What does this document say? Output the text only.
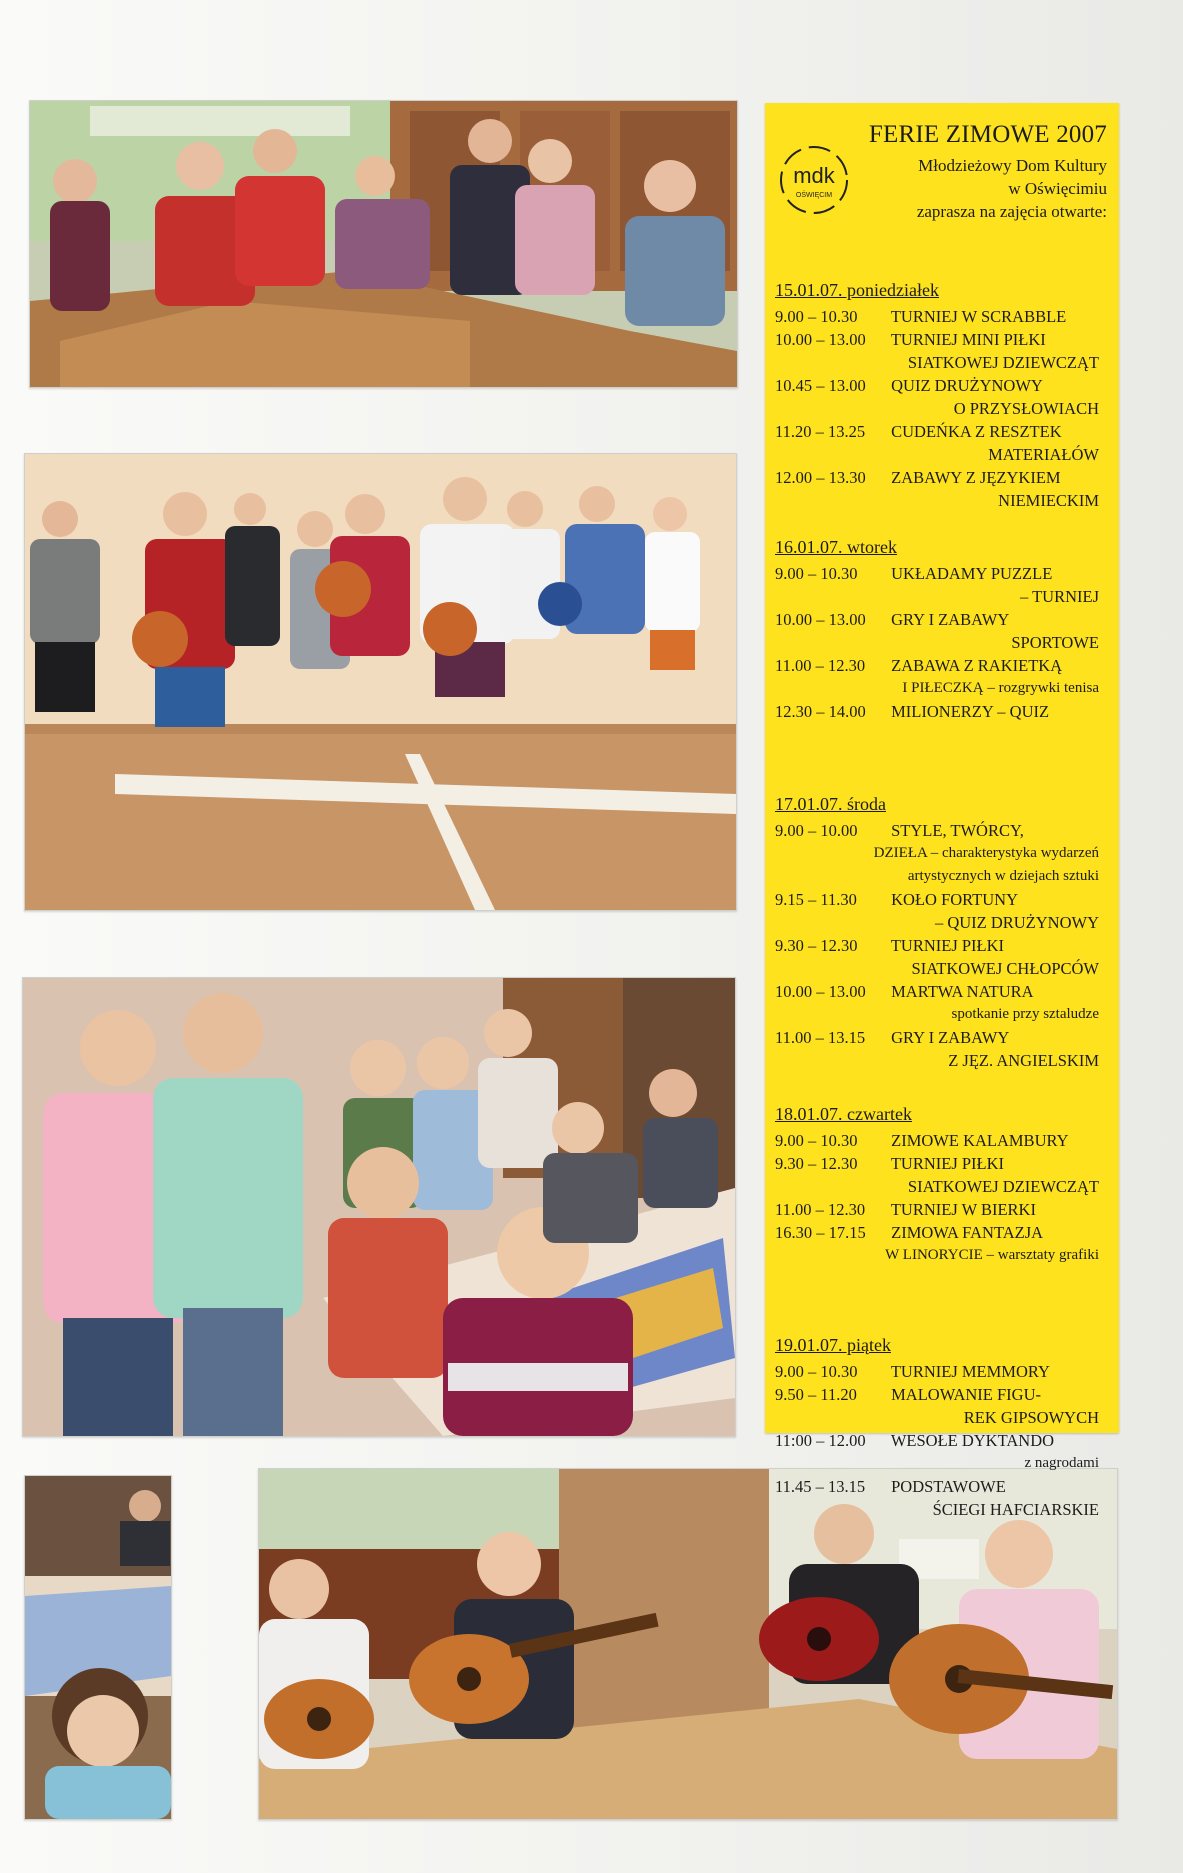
mdk
OŚWIĘCIM
FERIE ZIMOWE 2007
Młodzieżowy Dom Kultury
w Oświęcimiu
zaprasza na zajęcia otwarte:
15.01.07. poniedziałek
9.00 – 10.30 TURNIEJ W SCRABBLE
10.00 – 13.00 TURNIEJ MINI PIŁKI
SIATKOWEJ DZIEWCZĄT
10.45 – 13.00 QUIZ DRUŻYNOWY
O PRZYSŁOWIACH
11.20 – 13.25 CUDEŃKA Z RESZTEK
MATERIAŁÓW
12.00 – 13.30 ZABAWY Z JĘZYKIEM
NIEMIECKIM
16.01.07. wtorek
9.00 – 10.30 UKŁADAMY PUZZLE
– TURNIEJ
10.00 – 13.00 GRY I ZABAWY
SPORTOWE
11.00 – 12.30 ZABAWA Z RAKIETKĄ
I PIŁECZKĄ – rozgrywki tenisa
12.30 – 14.00 MILIONERZY – QUIZ
17.01.07. środa
9.00 – 10.00 STYLE, TWÓRCY,
DZIEŁA – charakterystyka wydarzeń
artystycznych w dziejach sztuki
9.15 – 11.30 KOŁO FORTUNY
– QUIZ DRUŻYNOWY
9.30 – 12.30 TURNIEJ PIŁKI
SIATKOWEJ CHŁOPCÓW
10.00 – 13.00 MARTWA NATURA
spotkanie przy sztaludze
11.00 – 13.15 GRY I ZABAWY
Z JĘZ. ANGIELSKIM
18.01.07. czwartek
9.00 – 10.30 ZIMOWE KALAMBURY
9.30 – 12.30 TURNIEJ PIŁKI
SIATKOWEJ DZIEWCZĄT
11.00 – 12.30 TURNIEJ W BIERKI
16.30 – 17.15 ZIMOWA FANTAZJA
W LINORYCIE – warsztaty grafiki
19.01.07. piątek
9.00 – 10.30 TURNIEJ MEMMORY
9.50 – 11.20 MALOWANIE FIGU-
REK GIPSOWYCH
11:00 – 12.00 WESOŁE DYKTANDO
z nagrodami
11.45 – 13.15 PODSTAWOWE
ŚCIEGI HAFCIARSKIE
